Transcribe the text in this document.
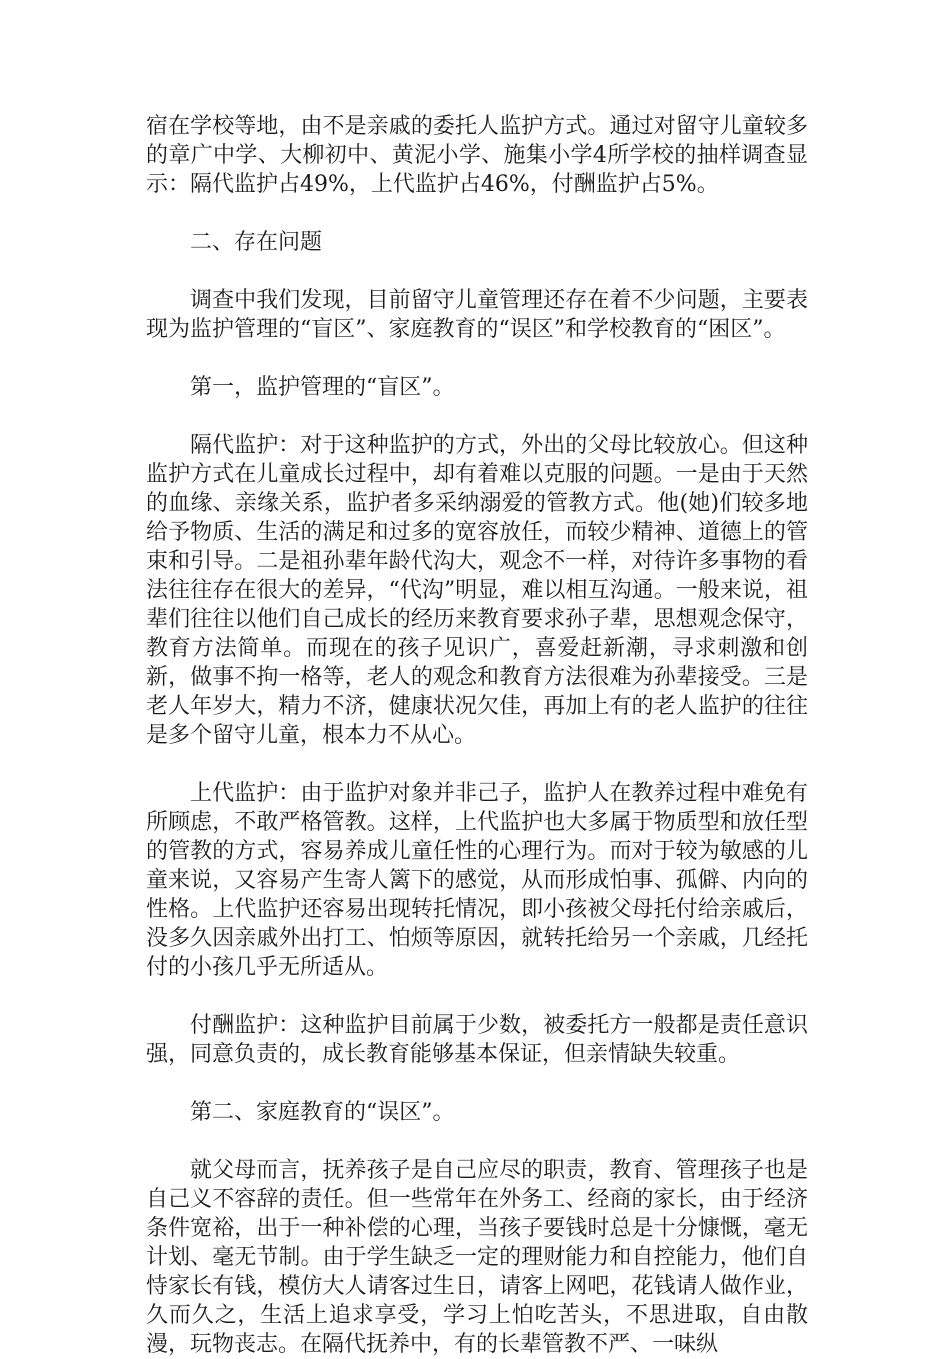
宿在学校等地，由不是亲戚的委托人监护方式。通过对留守儿童较多的章广中学、大柳初中、黄泥小学、施集小学4所学校的抽样调查显示：隔代监护占49%，上代监护占46%，付酬监护占5%。

二、存在问题

调查中我们发现，目前留守儿童管理还存在着不少问题，主要表现为监护管理的“盲区”、家庭教育的“误区”和学校教育的“困区”。

第一，监护管理的“盲区”。

隔代监护：对于这种监护的方式，外出的父母比较放心。但这种监护方式在儿童成长过程中，却有着难以克服的问题。一是由于天然的血缘、亲缘关系，监护者多采纳溺爱的管教方式。他(她)们较多地给予物质、生活的满足和过多的宽容放任，而较少精神、道德上的管束和引导。二是祖孙辈年龄代沟大，观念不一样，对待许多事物的看法往往存在很大的差异，“代沟”明显，难以相互沟通。一般来说，祖辈们往往以他们自己成长的经历来教育要求孙子辈，思想观念保守，教育方法简单。而现在的孩子见识广，喜爱赶新潮，寻求刺激和创新，做事不拘一格等，老人的观念和教育方法很难为孙辈接受。三是老人年岁大，精力不济，健康状况欠佳，再加上有的老人监护的往往是多个留守儿童，根本力不从心。

上代监护：由于监护对象并非己子，监护人在教养过程中难免有所顾虑，不敢严格管教。这样，上代监护也大多属于物质型和放任型的管教的方式，容易养成儿童任性的心理行为。而对于较为敏感的儿童来说，又容易产生寄人篱下的感觉，从而形成怕事、孤僻、内向的性格。上代监护还容易出现转托情况，即小孩被父母托付给亲戚后，没多久因亲戚外出打工、怕烦等原因，就转托给另一个亲戚，几经托付的小孩几乎无所适从。

付酬监护：这种监护目前属于少数，被委托方一般都是责任意识强，同意负责的，成长教育能够基本保证，但亲情缺失较重。

第二、家庭教育的“误区”。

就父母而言，抚养孩子是自己应尽的职责，教育、管理孩子也是自己义不容辞的责任。但一些常年在外务工、经商的家长，由于经济条件宽裕，出于一种补偿的心理，当孩子要钱时总是十分慷慨，毫无计划、毫无节制。由于学生缺乏一定的理财能力和自控能力，他们自恃家长有钱，模仿大人请客过生日，请客上网吧，花钱请人做作业，久而久之，生活上追求享受，学习上怕吃苦头，不思进取，自由散漫，玩物丧志。在隔代抚养中，有的长辈管教不严、一味纵
